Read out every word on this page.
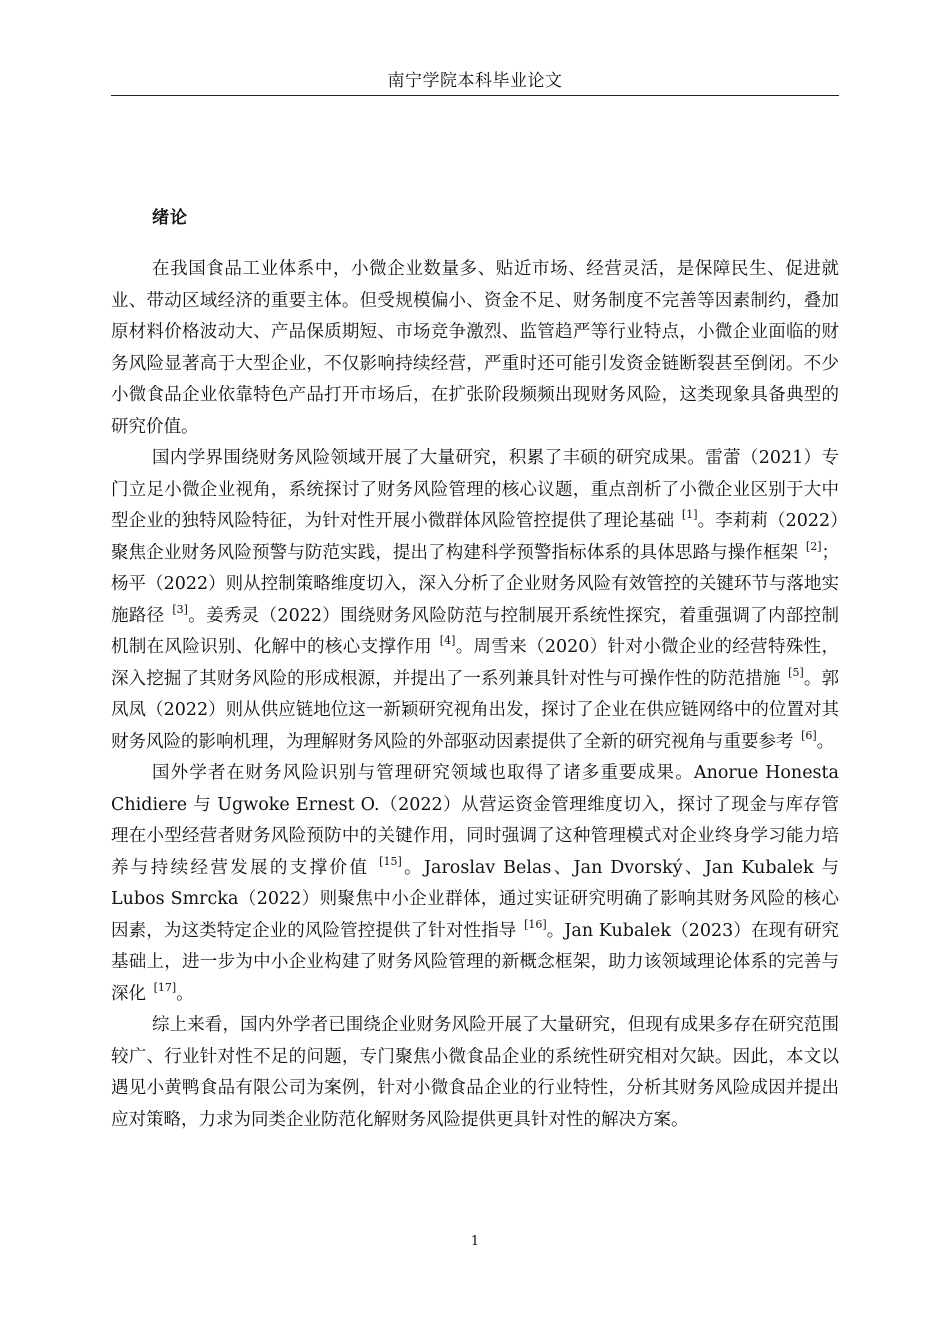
南宁学院本科毕业论文
绪论

在我国食品工业体系中，小微企业数量多、贴近市场、经营灵活，是保障民生、促进就业、带动区域经济的重要主体。但受规模偏小、资金不足、财务制度不完善等因素制约，叠加原材料价格波动大、产品保质期短、市场竞争激烈、监管趋严等行业特点，小微企业面临的财务风险显著高于大型企业，不仅影响持续经营，严重时还可能引发资金链断裂甚至倒闭。不少小微食品企业依靠特色产品打开市场后，在扩张阶段频频出现财务风险，这类现象具备典型的研究价值。

国内学界围绕财务风险领域开展了大量研究，积累了丰硕的研究成果。雷蕾（2021）专门立足小微企业视角，系统探讨了财务风险管理的核心议题，重点剖析了小微企业区别于大中型企业的独特风险特征，为针对性开展小微群体风险管控提供了理论基础 [1]。李莉莉（2022）聚焦企业财务风险预警与防范实践，提出了构建科学预警指标体系的具体思路与操作框架 [2]；杨平（2022）则从控制策略维度切入，深入分析了企业财务风险有效管控的关键环节与落地实施路径 [3]。姜秀灵（2022）围绕财务风险防范与控制展开系统性探究，着重强调了内部控制机制在风险识别、化解中的核心支撑作用 [4]。周雪来（2020）针对小微企业的经营特殊性，深入挖掘了其财务风险的形成根源，并提出了一系列兼具针对性与可操作性的防范措施 [5]。郭凤凤（2022）则从供应链地位这一新颖研究视角出发，探讨了企业在供应链网络中的位置对其财务风险的影响机理，为理解财务风险的外部驱动因素提供了全新的研究视角与重要参考 [6]。

国外学者在财务风险识别与管理研究领域也取得了诸多重要成果。Anorue Honesta Chidiere 与 Ugwoke Ernest O.（2022）从营运资金管理维度切入，探讨了现金与库存管理在小型经营者财务风险预防中的关键作用，同时强调了这种管理模式对企业终身学习能力培养与持续经营发展的支撑价值 [15]。Jaroslav Belas、Jan Dvorský、Jan Kubalek 与 Lubos Smrcka（2022）则聚焦中小企业群体，通过实证研究明确了影响其财务风险的核心因素，为这类特定企业的风险管控提供了针对性指导 [16]。Jan Kubalek（2023）在现有研究基础上，进一步为中小企业构建了财务风险管理的新概念框架，助力该领域理论体系的完善与深化 [17]。

综上来看，国内外学者已围绕企业财务风险开展了大量研究，但现有成果多存在研究范围较广、行业针对性不足的问题，专门聚焦小微食品企业的系统性研究相对欠缺。因此，本文以遇见小黄鸭食品有限公司为案例，针对小微食品企业的行业特性，分析其财务风险成因并提出应对策略，力求为同类企业防范化解财务风险提供更具针对性的解决方案。

1
